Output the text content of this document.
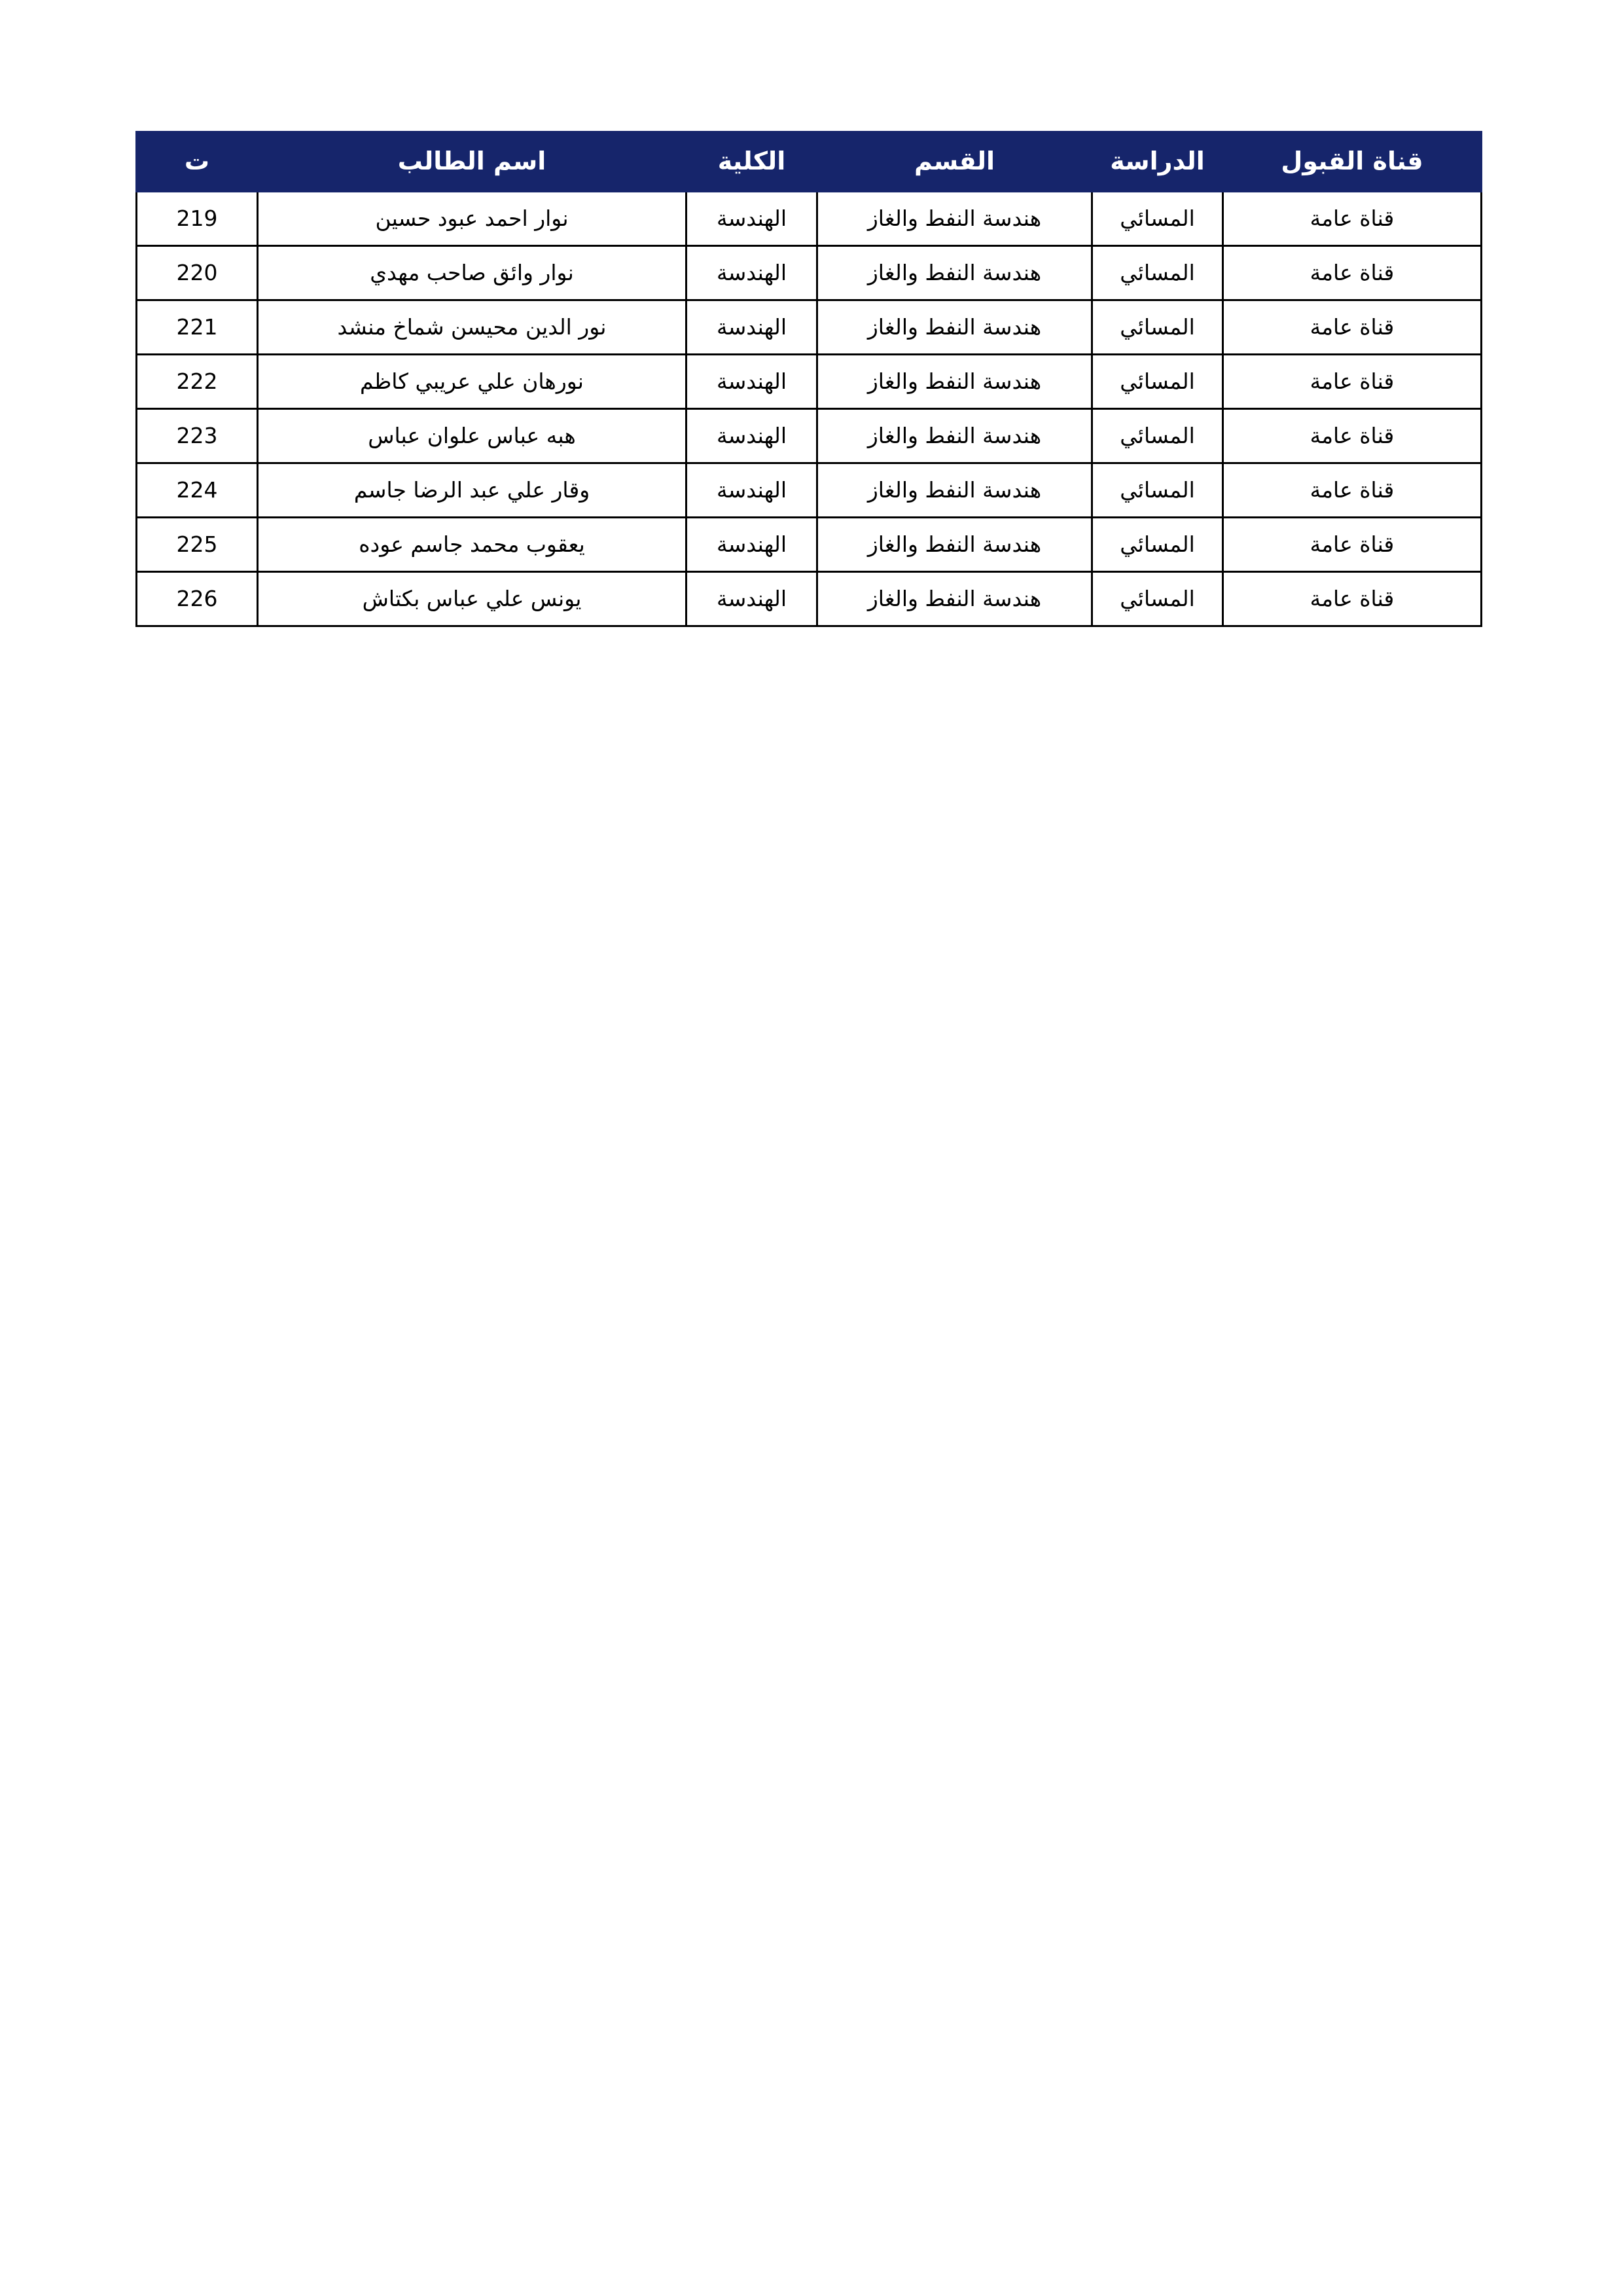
قناة القبول	الدراسة	القسم	الكلية	اسم الطالب	ت
قناة عامة	المسائي	هندسة النفط والغاز	الهندسة	نوار احمد عبود حسين	219
قناة عامة	المسائي	هندسة النفط والغاز	الهندسة	نوار وائق صاحب مهدي	220
قناة عامة	المسائي	هندسة النفط والغاز	الهندسة	نور الدين محيسن شماخ منشد	221
قناة عامة	المسائي	هندسة النفط والغاز	الهندسة	نورهان علي عريبي كاظم	222
قناة عامة	المسائي	هندسة النفط والغاز	الهندسة	هبه عباس علوان عباس	223
قناة عامة	المسائي	هندسة النفط والغاز	الهندسة	وقار علي عبد الرضا جاسم	224
قناة عامة	المسائي	هندسة النفط والغاز	الهندسة	يعقوب محمد جاسم عوده	225
قناة عامة	المسائي	هندسة النفط والغاز	الهندسة	يونس علي عباس بكتاش	226
